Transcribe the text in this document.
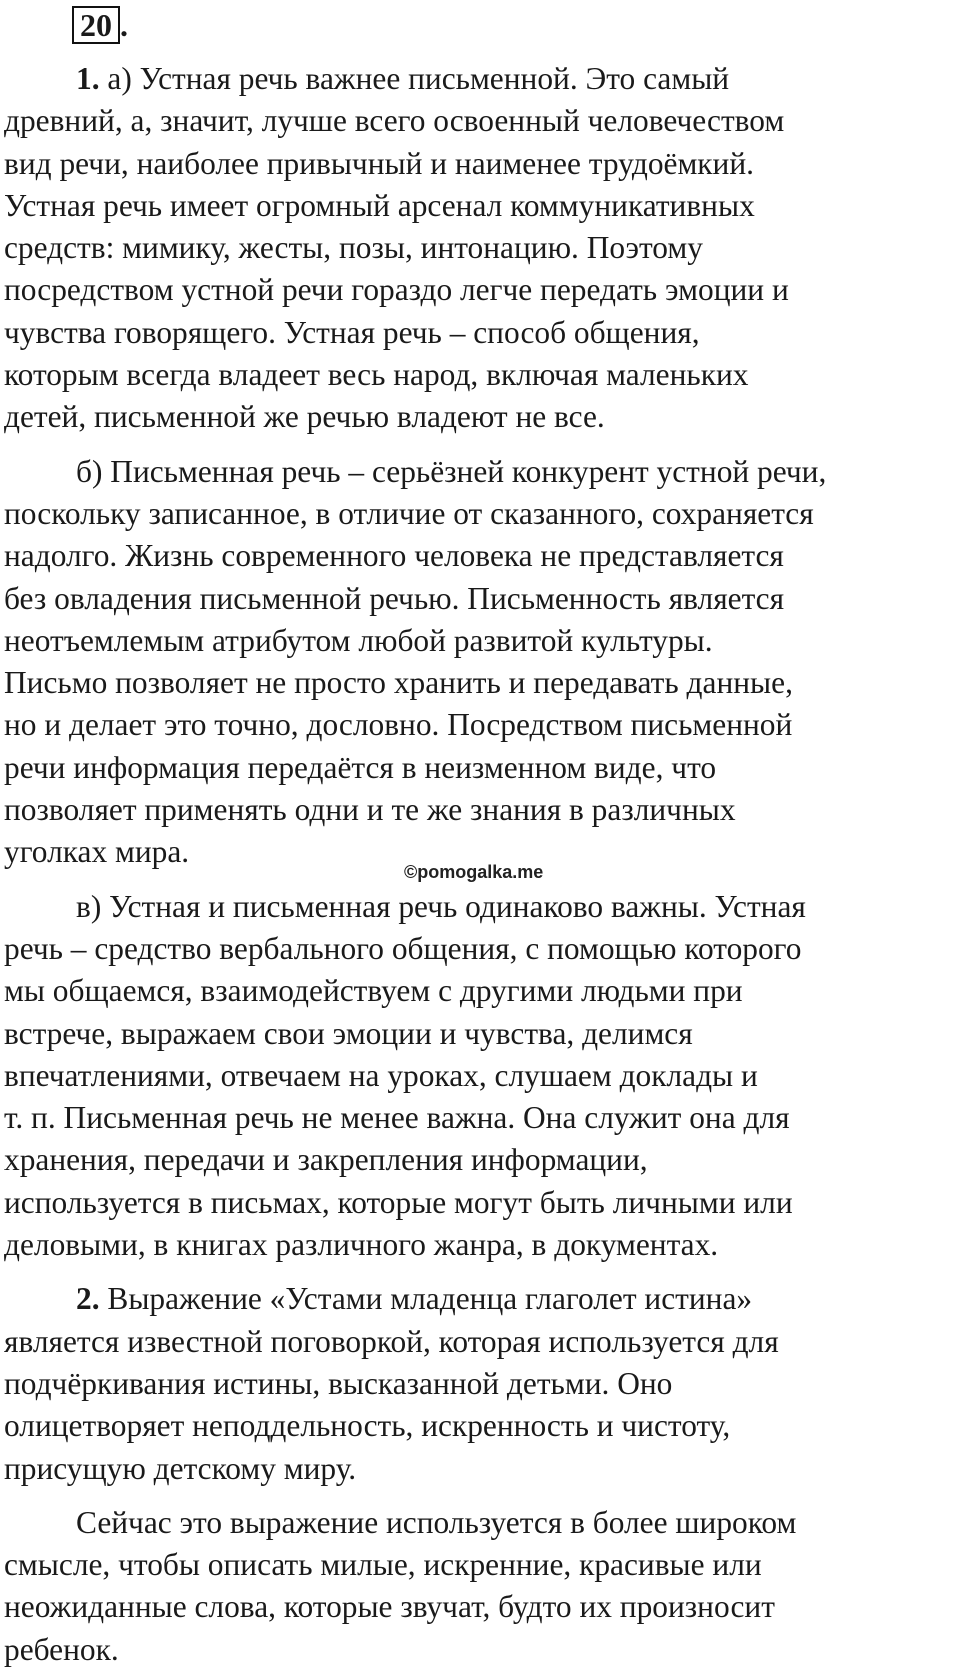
20 .
©pomogalka.me
1. а) Устная речь важнее письменной. Это самый
древний, а, значит, лучше всего освоенный человечеством
вид речи, наиболее привычный и наименее трудоёмкий.
Устная речь имеет огромный арсенал коммуникативных
средств: мимику, жесты, позы, интонацию. Поэтому
посредством устной речи гораздо легче передать эмоции и
чувства говорящего. Устная речь – способ общения,
которым всегда владеет весь народ, включая маленьких
детей, письменной же речью владеют не все.
б) Письменная речь – серьёзней конкурент устной речи,
поскольку записанное, в отличие от сказанного, сохраняется
надолго. Жизнь современного человека не представляется
без овладения письменной речью. Письменность является
неотъемлемым атрибутом любой развитой культуры.
Письмо позволяет не просто хранить и передавать данные,
но и делает это точно, дословно. Посредством письменной
речи информация передаётся в неизменном виде, что
позволяет применять одни и те же знания в различных
уголках мира.
в) Устная и письменная речь одинаково важны. Устная
речь – средство вербального общения, с помощью которого
мы общаемся, взаимодействуем с другими людьми при
встрече, выражаем свои эмоции и чувства, делимся
впечатлениями, отвечаем на уроках, слушаем доклады и
т. п. Письменная речь не менее важна. Она служит она для
хранения, передачи и закрепления информации,
используется в письмах, которые могут быть личными или
деловыми, в книгах различного жанра, в документах.
2. Выражение «Устами младенца глаголет истина»
является известной поговоркой, которая используется для
подчёркивания истины, высказанной детьми. Оно
олицетворяет неподдельность, искренность и чистоту,
присущую детскому миру.
Сейчас это выражение используется в более широком
смысле, чтобы описать милые, искренние, красивые или
неожиданные слова, которые звучат, будто их произносит
ребенок.
